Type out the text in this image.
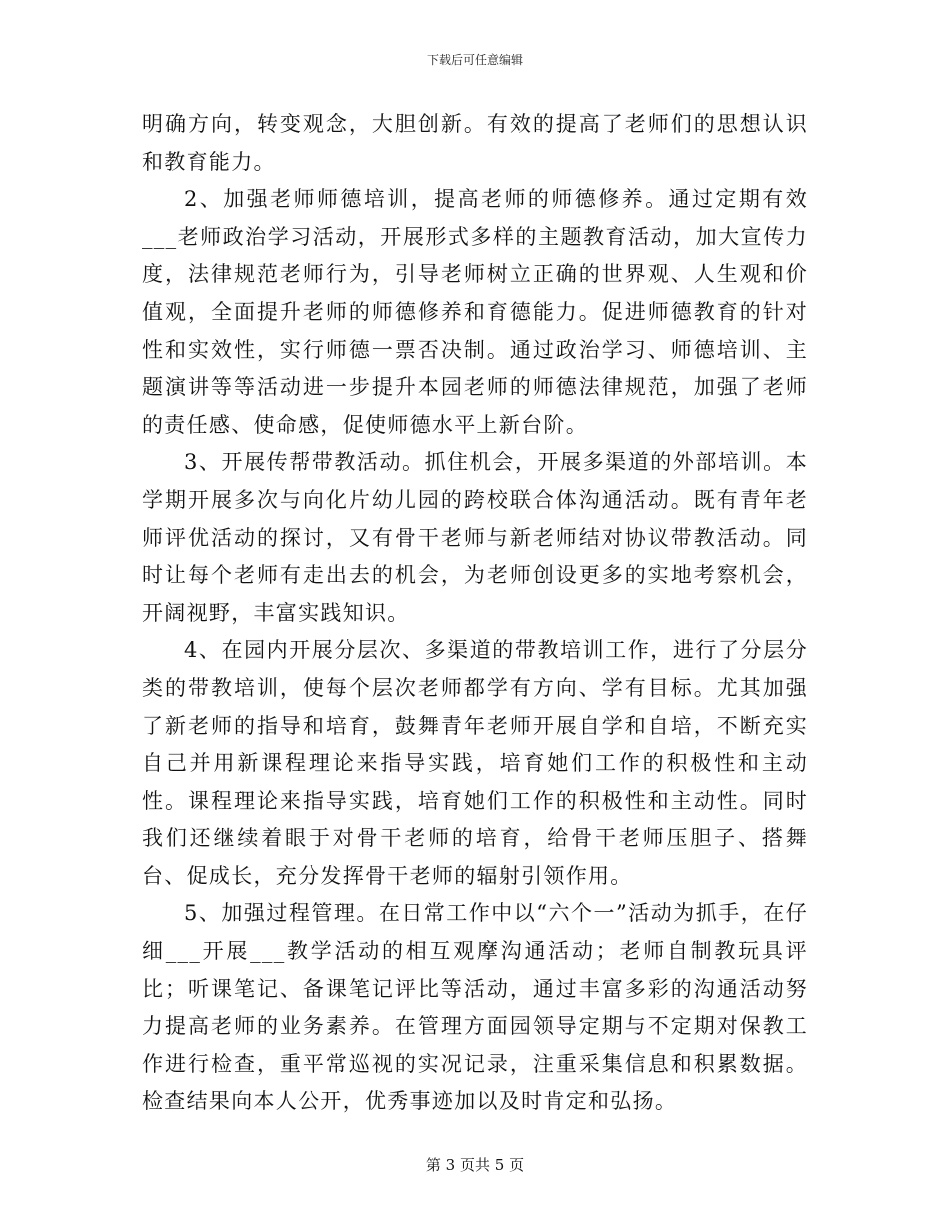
下载后可任意编辑

明确方向，转变观念，大胆创新。有效的提高了老师们的思想认识和教育能力。

2、加强老师师德培训，提高老师的师德修养。通过定期有效___老师政治学习活动，开展形式多样的主题教育活动，加大宣传力度，法律规范老师行为，引导老师树立正确的世界观、人生观和价值观，全面提升老师的师德修养和育德能力。促进师德教育的针对性和实效性，实行师德一票否决制。通过政治学习、师德培训、主题演讲等等活动进一步提升本园老师的师德法律规范，加强了老师的责任感、使命感，促使师德水平上新台阶。

3、开展传帮带教活动。抓住机会，开展多渠道的外部培训。本学期开展多次与向化片幼儿园的跨校联合体沟通活动。既有青年老师评优活动的探讨，又有骨干老师与新老师结对协议带教活动。同时让每个老师有走出去的机会，为老师创设更多的实地考察机会，开阔视野，丰富实践知识。

4、在园内开展分层次、多渠道的带教培训工作，进行了分层分类的带教培训，使每个层次老师都学有方向、学有目标。尤其加强了新老师的指导和培育，鼓舞青年老师开展自学和自培，不断充实自己并用新课程理论来指导实践，培育她们工作的积极性和主动性。课程理论来指导实践，培育她们工作的积极性和主动性。同时我们还继续着眼于对骨干老师的培育，给骨干老师压胆子、搭舞台、促成长，充分发挥骨干老师的辐射引领作用。

5、加强过程管理。在日常工作中以“六个一”活动为抓手，在仔细___开展___教学活动的相互观摩沟通活动；老师自制教玩具评比；听课笔记、备课笔记评比等活动，通过丰富多彩的沟通活动努力提高老师的业务素养。在管理方面园领导定期与不定期对保教工作进行检查，重平常巡视的实况记录，注重采集信息和积累数据。检查结果向本人公开，优秀事迹加以及时肯定和弘扬。

第 3 页共 5 页
